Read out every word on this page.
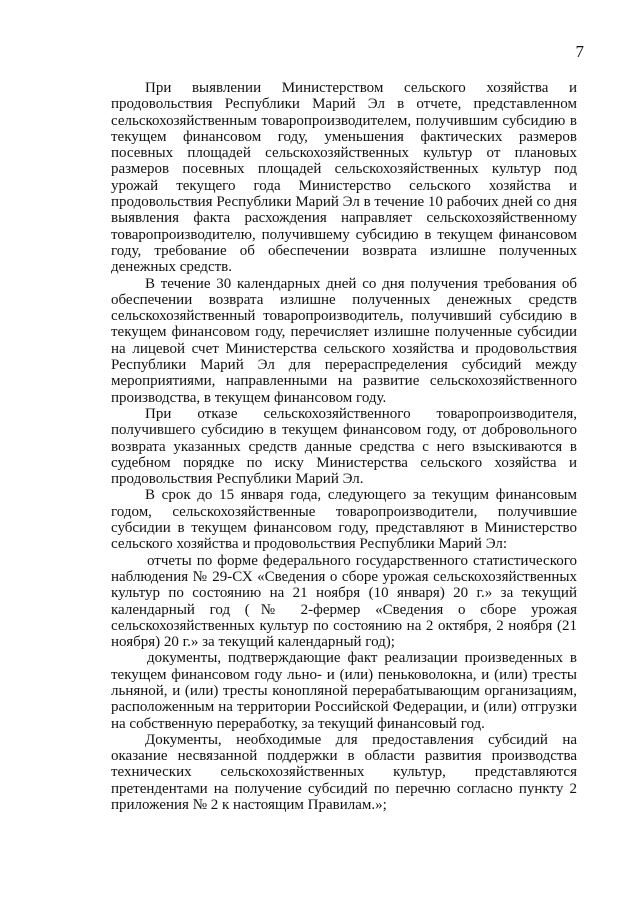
7

При выявлении Министерством сельского хозяйства и продовольствия Республики Марий Эл в отчете, представленном сельскохозяйственным товаропроизводителем, получившим субсидию в текущем финансовом году, уменьшения фактических размеров посевных площадей сельскохозяйственных культур от плановых размеров посевных площадей сельскохозяйственных культур под урожай текущего года Министерство сельского хозяйства и продовольствия Республики Марий Эл в течение 10 рабочих дней со дня выявления факта расхождения направляет сельскохозяйственному товаропроизводителю, получившему субсидию в текущем финансовом году, требование об обеспечении возврата излишне полученных денежных средств.

В течение 30 календарных дней со дня получения требования об обеспечении возврата излишне полученных денежных средств сельскохозяйственный товаропроизводитель, получивший субсидию в текущем финансовом году, перечисляет излишне полученные субсидии на лицевой счет Министерства сельского хозяйства и продовольствия Республики Марий Эл для перераспределения субсидий между мероприятиями, направленными на развитие сельскохозяйственного производства, в текущем финансовом году.

При отказе сельскохозяйственного товаропроизводителя, получившего субсидию в текущем финансовом году, от добровольного возврата указанных средств данные средства с него взыскиваются в судебном порядке по иску Министерства сельского хозяйства и продовольствия Республики Марий Эл.

В срок до 15 января года, следующего за текущим финансовым годом, сельскохозяйственные товаропроизводители, получившие субсидии в текущем финансовом году, представляют в Министерство сельского хозяйства и продовольствия Республики Марий Эл:

отчеты по форме федерального государственного статистического наблюдения № 29-СХ «Сведения о сборе урожая сельскохозяйственных культур по состоянию на 21 ноября (10 января) 20 г.» за текущий календарный год (№ 2-фермер «Сведения о сборе урожая сельскохозяйственных культур по состоянию на 2 октября, 2 ноября (21 ноября) 20 г.» за текущий календарный год);

документы, подтверждающие факт реализации произведенных в текущем финансовом году льно- и (или) пеньковолокна, и (или) тресты льняной, и (или) тресты конопляной перерабатывающим организациям, расположенным на территории Российской Федерации, и (или) отгрузки на собственную переработку, за текущий финансовый год.

Документы, необходимые для предоставления субсидий на оказание несвязанной поддержки в области развития производства технических сельскохозяйственных культур, представляются претендентами на получение субсидий по перечню согласно пункту 2 приложения № 2 к настоящим Правилам.»;
